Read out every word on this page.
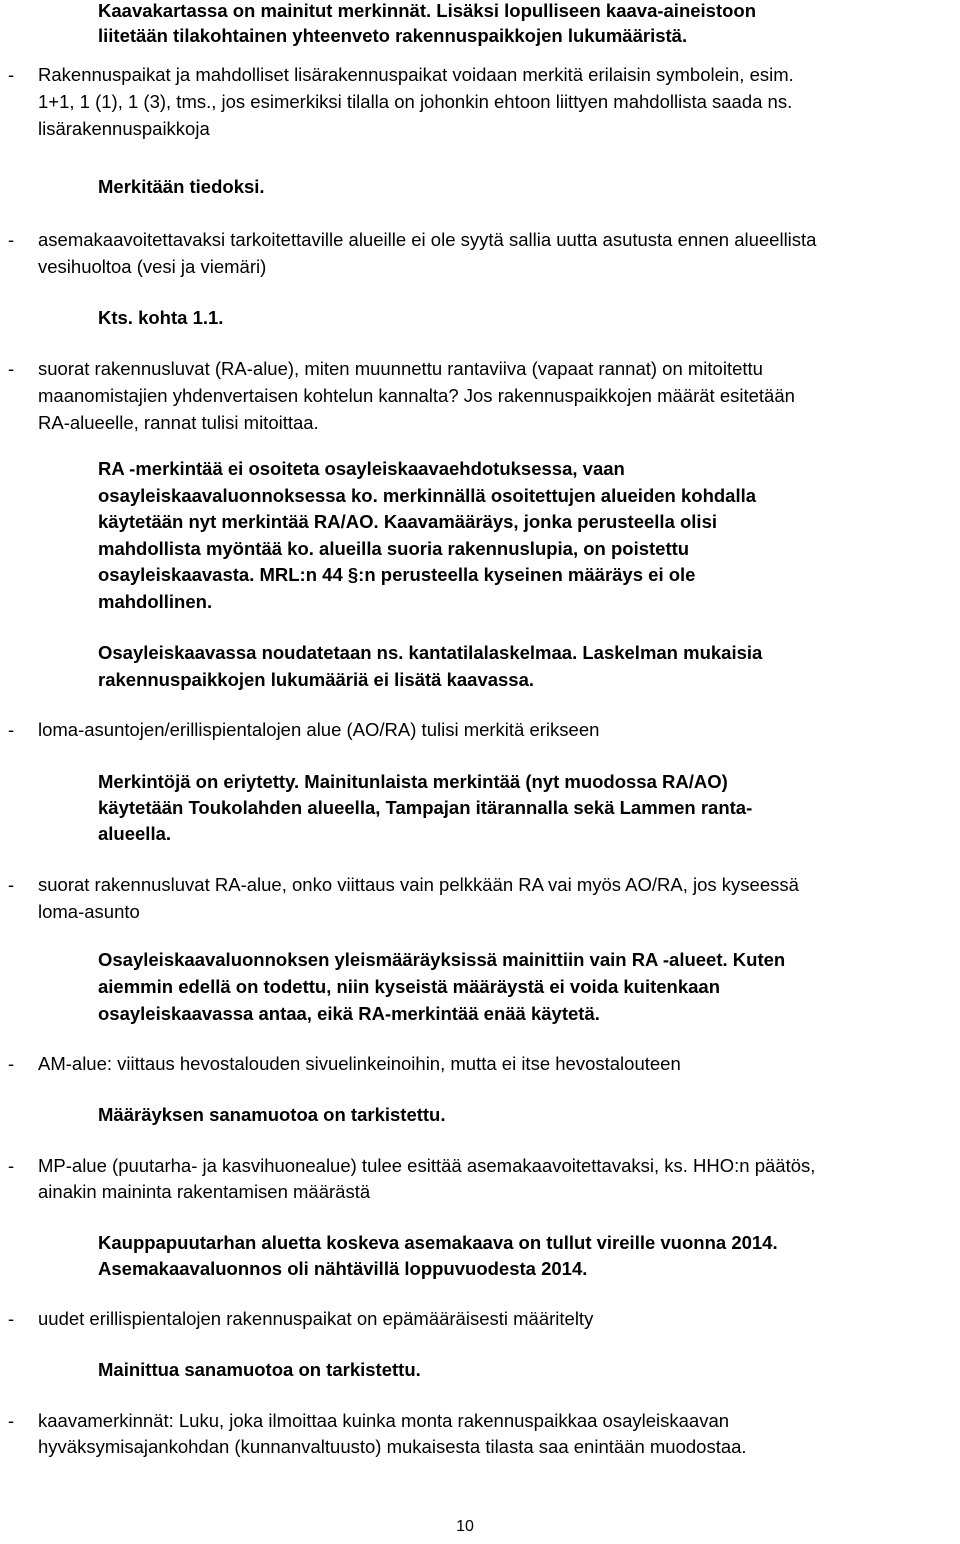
Kaavakartassa on mainitut merkinnät. Lisäksi lopulliseen kaava-aineistoon
liitetään tilakohtainen yhteenveto rakennuspaikkojen lukumääristä.
- Rakennuspaikat ja mahdolliset lisärakennuspaikat voidaan merkitä erilaisin symbolein, esim.
1+1, 1 (1), 1 (3), tms., jos esimerkiksi tilalla on johonkin ehtoon liittyen mahdollista saada ns.
lisärakennuspaikkoja
Merkitään tiedoksi.
- asemakaavoitettavaksi tarkoitettaville alueille ei ole syytä sallia uutta asutusta ennen alueellista
vesihuoltoa (vesi ja viemäri)
Kts. kohta 1.1.
- suorat rakennusluvat (RA-alue), miten muunnettu rantaviiva (vapaat rannat) on mitoitettu
maanomistajien yhdenvertaisen kohtelun kannalta? Jos rakennuspaikkojen määrät esitetään
RA-alueelle, rannat tulisi mitoittaa.
RA -merkintää ei osoiteta osayleiskaavaehdotuksessa, vaan
osayleiskaavaluonnoksessa ko. merkinnällä osoitettujen alueiden kohdalla
käytetään nyt merkintää RA/AO. Kaavamääräys, jonka perusteella olisi
mahdollista myöntää ko. alueilla suoria rakennuslupia, on poistettu
osayleiskaavasta. MRL:n 44 §:n perusteella kyseinen määräys ei ole
mahdollinen.
Osayleiskaavassa noudatetaan ns. kantatilalaskelmaa. Laskelman mukaisia
rakennuspaikkojen lukumääriä ei lisätä kaavassa.
- loma-asuntojen/erillispientalojen alue (AO/RA) tulisi merkitä erikseen
Merkintöjä on eriytetty. Mainitunlaista merkintää (nyt muodossa RA/AO)
käytetään Toukolahden alueella, Tampajan itärannalla sekä Lammen ranta-
alueella.
- suorat rakennusluvat RA-alue, onko viittaus vain pelkkään RA vai myös AO/RA, jos kyseessä
loma-asunto
Osayleiskaavaluonnoksen yleismääräyksissä mainittiin vain RA -alueet. Kuten
aiemmin edellä on todettu, niin kyseistä määräystä ei voida kuitenkaan
osayleiskaavassa antaa, eikä RA-merkintää enää käytetä.
- AM-alue: viittaus hevostalouden sivuelinkeinoihin, mutta ei itse hevostalouteen
Määräyksen sanamuotoa on tarkistettu.
- MP-alue (puutarha- ja kasvihuonealue) tulee esittää asemakaavoitettavaksi, ks. HHO:n päätös,
ainakin maininta rakentamisen määrästä
Kauppapuutarhan aluetta koskeva asemakaava on tullut vireille vuonna 2014.
Asemakaavaluonnos oli nähtävillä loppuvuodesta 2014.
- uudet erillispientalojen rakennuspaikat on epämääräisesti määritelty
Mainittua sanamuotoa on tarkistettu.
- kaavamerkinnät: Luku, joka ilmoittaa kuinka monta rakennuspaikkaa osayleiskaavan
hyväksymisajankohdan (kunnanvaltuusto) mukaisesta tilasta saa enintään muodostaa.
10
